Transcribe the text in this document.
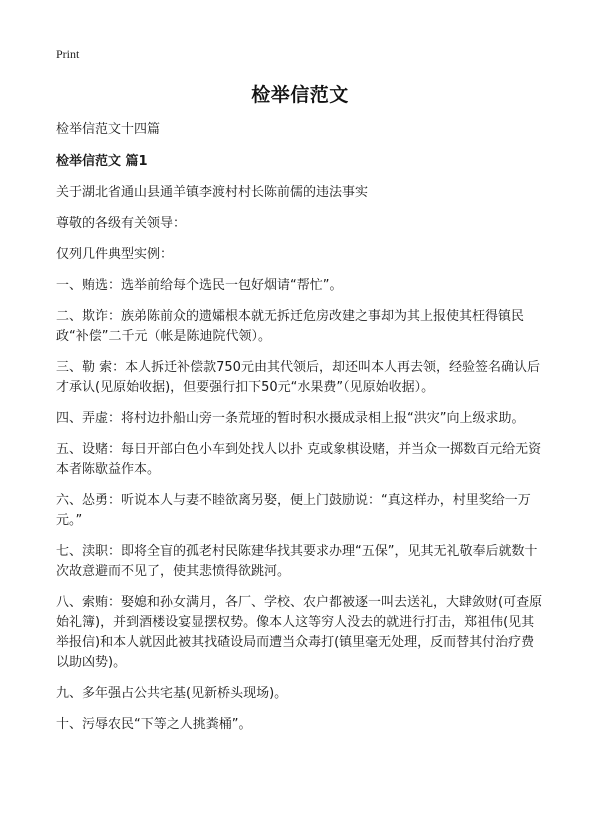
Print
检举信范文
检举信范文十四篇
检举信范文 篇1
关于湖北省通山县通羊镇李渡村村长陈前儒的违法事实
尊敬的各级有关领导：
仅列几件典型实例：
一、贿选：选举前给每个选民一包好烟请“帮忙”。
二、欺诈：族弟陈前众的遗孀根本就无拆迁危房改建之事却为其上报使其枉得镇民政“补偿”二千元（帐是陈迪院代领）。
三、勒 索：本人拆迁补偿款750元由其代领后，却还叫本人再去领，经验签名确认后才承认(见原始收据)，但要强行扣下50元“水果费”（见原始收据）。
四、弄虚：将村边扑船山旁一条荒垭的暂时积水摄成录相上报“洪灾”向上级求助。
五、设赌：每日开部白色小车到处找人以扑 克或象棋设赌，并当众一掷数百元给无资本者陈歇益作本。
六、怂勇：听说本人与妻不睦欲离另娶，便上门鼓励说：“真这样办，村里奖给一万元。”
七、渎职：即将全盲的孤老村民陈建华找其要求办理“五保”，见其无礼敬奉后就数十次故意避而不见了，使其悲愤得欲跳河。
八、索贿：娶媳和孙女满月，各厂、学校、农户都被逐一叫去送礼，大肆敛财(可查原始礼簿)，并到酒楼设宴显摆权势。像本人这等穷人没去的就进行打击，郑祖伟(见其举报信)和本人就因此被其找碴设局而遭当众毒打(镇里毫无处理，反而替其付治疗费以助凶势)。
九、多年强占公共宅基(见新桥头现场)。
十、污辱农民“下等之人挑粪桶”。
